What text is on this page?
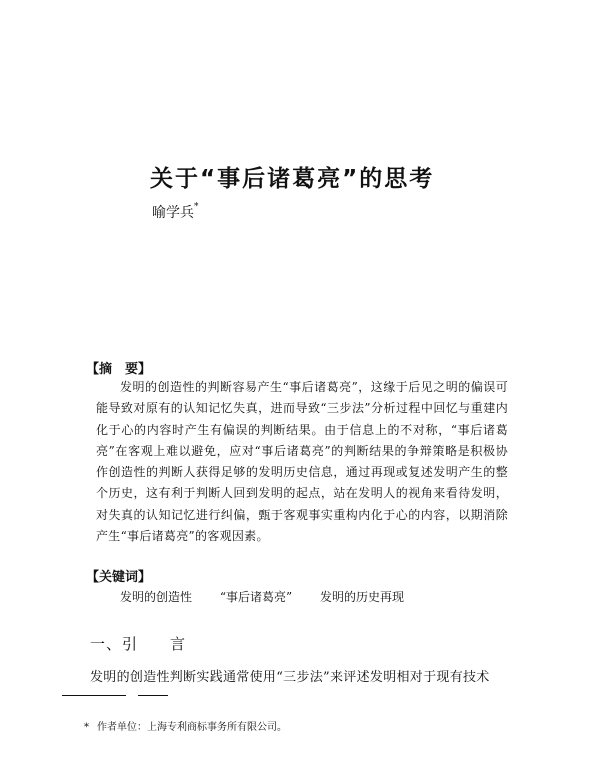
关于“事后诸葛亮”的思考
喻学兵*
【摘　要】
发明的创造性的判断容易产生“事后诸葛亮”，这缘于后见之明的偏误可能导致对原有的认知记忆失真，进而导致“三步法”分析过程中回忆与重建内化于心的内容时产生有偏误的判断结果。由于信息上的不对称，“事后诸葛亮”在客观上难以避免，应对“事后诸葛亮”的判断结果的争辩策略是积极协作创造性的判断人获得足够的发明历史信息，通过再现或复述发明产生的整个历史，这有利于判断人回到发明的起点，站在发明人的视角来看待发明，对失真的认知记忆进行纠偏，甄于客观事实重构内化于心的内容，以期消除产生“事后诸葛亮”的客观因素。
【关键词】
发明的创造性 “事后诸葛亮” 发明的历史再现
一、引　　言
发明的创造性判断实践通常使用“三步法”来评述发明相对于现有技术
* 作者单位：上海专利商标事务所有限公司。
